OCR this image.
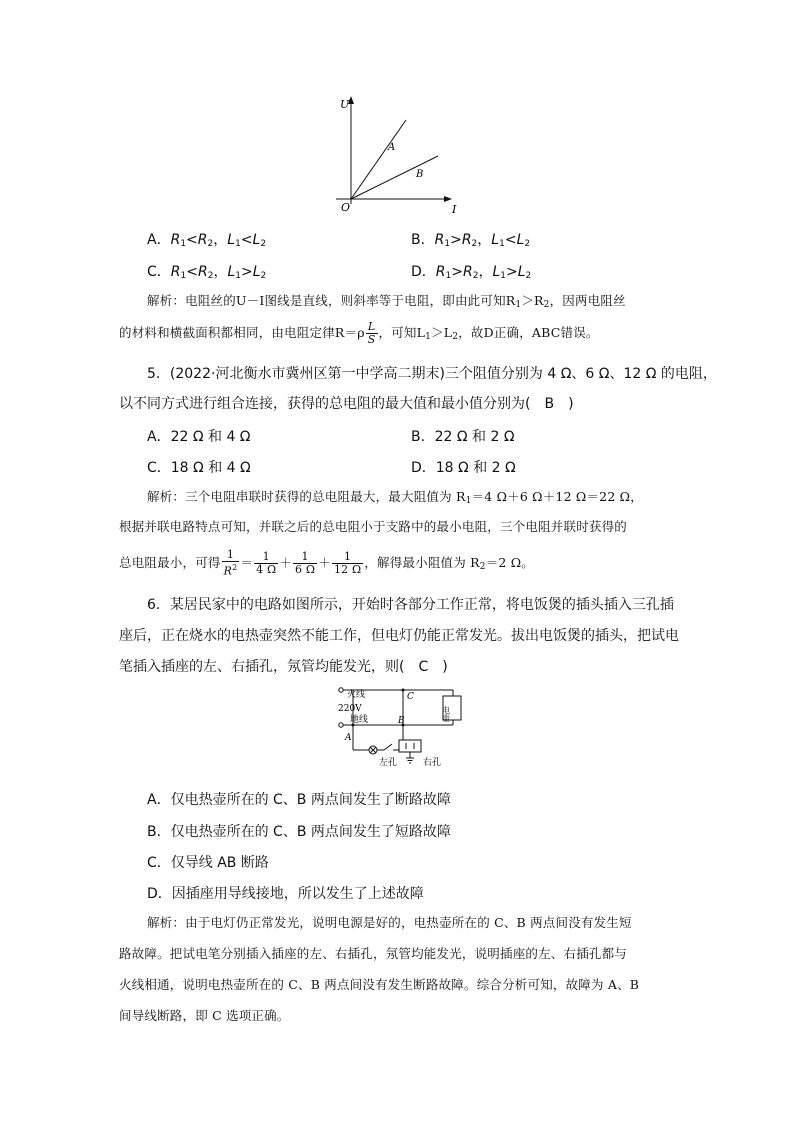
U
I
O
A
B
A．$R_1<R_2$，$L_1<L_2$	B．$R_1>R_2$，$L_1<L_2$
C．$R_1<R_2$，$L_1>L_2$	D．$R_1>R_2$，$L_1>L_2$
解析：电阻丝的U－I图线是直线，则斜率等于电阻，即由此可知$R_1>R_2$，因两电阻丝
的材料和横截面积都相同，由电阻定律$R=\rho \frac{L}{S}$ ，可知$L_1>L_2$，故D正确，ABC错误。
5．(2022·河北衡水市冀州区第一中学高二期末)三个阻值分别为 4 Ω、6 Ω、12 Ω 的电阻，
以不同方式进行组合连接，获得的总电阻的最大值和最小值分别为(　B　)
A．22 Ω 和 4 Ω	B．22 Ω 和 2 Ω
C．18 Ω 和 4 Ω	D．18 Ω 和 2 Ω
解析：三个电阻串联时获得的总电阻最大，最大阻值为 $R_1=4$ Ω＋6 Ω＋12 Ω＝22 Ω，
根据并联电路特点可知，并联之后的总电阻小于支路中的最小电阻，三个电阻并联时获得的
总电阻最小，可得 $\frac{1}{R^2} = \frac{1}{4 \Omega} + \frac{1}{6 \Omega} + \frac{1}{12 \Omega}$ ，解得最小阻值为 $R_2=2$ Ω。
6．某居民家中的电路如图所示，开始时各部分工作正常，将电饭煲的插头插入三孔插
座后，正在烧水的电热壶突然不能工作，但电灯仍能正常发光。拔出电饭煲的插头，把试电
笔插入插座的左、右插孔，氖管均能发光，则(　C　)
电壶
火线
220V
地线
A
B
C
左孔	右孔
A．仅电热壶所在的 C、B 两点间发生了断路故障
B．仅电热壶所在的 C、B 两点间发生了短路故障
C．仅导线 AB 断路
D．因插座用导线接地，所以发生了上述故障
解析：由于电灯仍正常发光，说明电源是好的，电热壶所在的 C、B 两点间没有发生短
路故障。把试电笔分别插入插座的左、右插孔，氖管均能发光，说明插座的左、右插孔都与
火线相通，说明电热壶所在的 C、B 两点间没有发生断路故障。综合分析可知，故障为 A、B
间导线断路，即 C 选项正确。
